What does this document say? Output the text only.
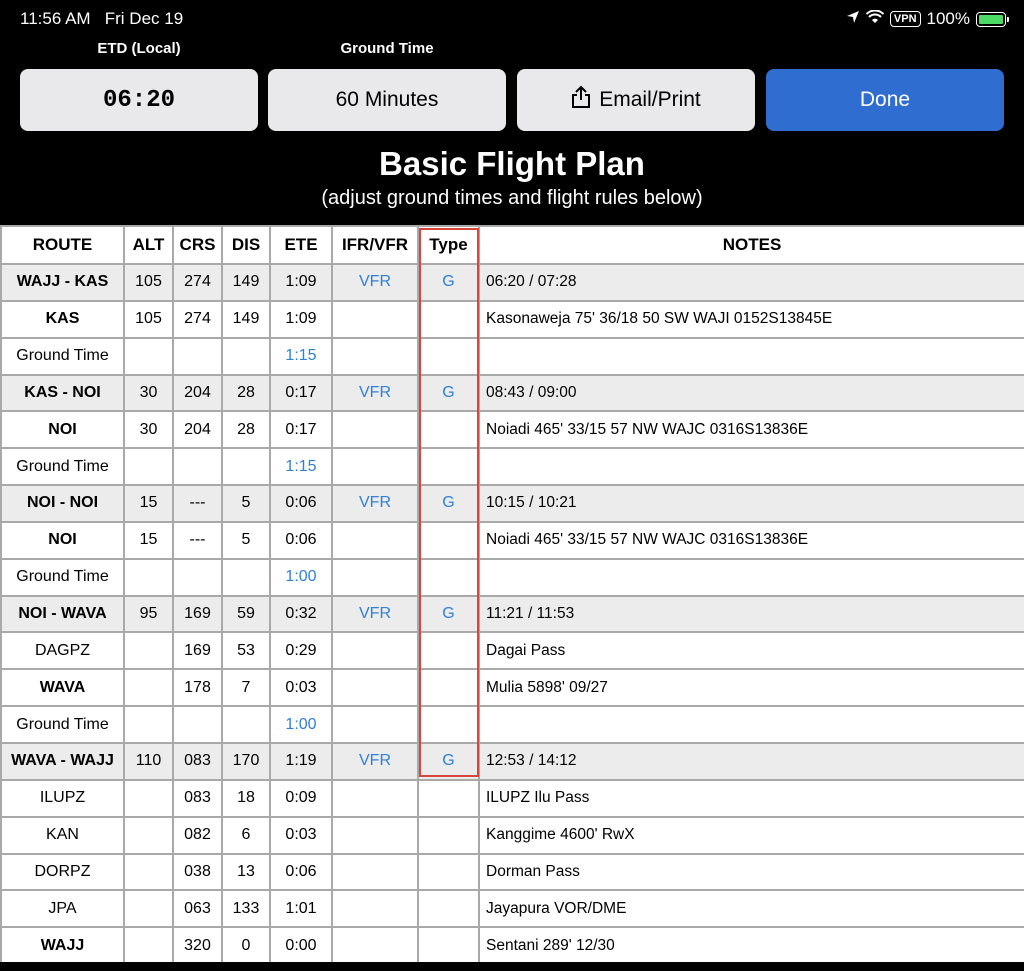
11:56 AM Fri Dec 19	VPN 100%
ETD (Local)	Ground Time
06:20	60 Minutes	Email/Print	Done
Basic Flight Plan
(adjust ground times and flight rules below)
ROUTE	ALT	CRS	DIS	ETE	IFR/VFR	Type	NOTES
WAJJ - KAS	105	274	149	1:09	VFR	G	06:20 / 07:28
KAS	105	274	149	1:09			Kasonaweja 75' 36/18 50 SW WAJI 0152S13845E
Ground Time				1:15			
KAS - NOI	30	204	28	0:17	VFR	G	08:43 / 09:00
NOI	30	204	28	0:17			Noiadi 465' 33/15 57 NW WAJC 0316S13836E
Ground Time				1:15			
NOI - NOI	15	---	5	0:06	VFR	G	10:15 / 10:21
NOI	15	---	5	0:06			Noiadi 465' 33/15 57 NW WAJC 0316S13836E
Ground Time				1:00			
NOI - WAVA	95	169	59	0:32	VFR	G	11:21 / 11:53
DAGPZ		169	53	0:29			Dagai Pass
WAVA		178	7	0:03			Mulia 5898' 09/27
Ground Time				1:00			
WAVA - WAJJ	110	083	170	1:19	VFR	G	12:53 / 14:12
ILUPZ		083	18	0:09			ILUPZ Ilu Pass
KAN		082	6	0:03			Kanggime 4600' RwX
DORPZ		038	13	0:06			Dorman Pass
JPA		063	133	1:01			Jayapura VOR/DME
WAJJ		320	0	0:00			Sentani 289' 12/30
